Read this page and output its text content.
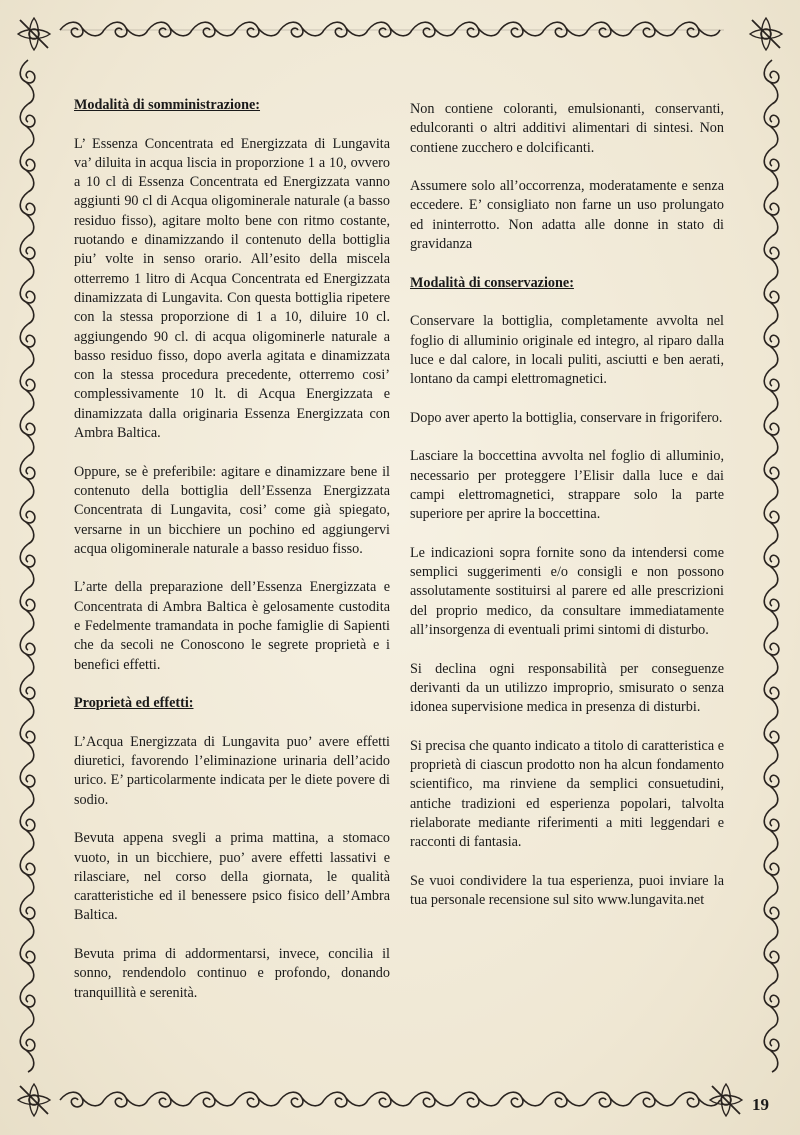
Modalità di somministrazione:

L’ Essenza Concentrata ed Energizzata di Lungavita va’ diluita in acqua liscia in proporzione 1 a 10, ovvero a 10 cl di Essenza Concentrata ed Energizzata vanno aggiunti 90 cl di Acqua oligominerale naturale (a basso residuo fisso), agitare molto bene con ritmo costante, ruotando e dinamizzando il contenuto della bottiglia piu’ volte in senso orario. All’esito della miscela otterremo 1 litro di Acqua Concentrata ed Energizzata dinamizzata di Lungavita. Con questa bottiglia ripetere con la stessa proporzione di 1 a 10, diluire 10 cl. aggiungendo 90 cl. di acqua oligominerle naturale a basso residuo fisso, dopo averla agitata e dinamizzata con la stessa procedura precedente, otterremo cosi’ complessivamente 10 lt. di Acqua Energizzata e dinamizzata dalla originaria Essenza Energizzata con Ambra Baltica.

Oppure, se è preferibile: agitare e dinamizzare bene il contenuto della bottiglia dell’Essenza Energizzata Concentrata di Lungavita, cosi’ come già spiegato, versarne in un bicchiere un pochino ed aggiungervi acqua oligominerale naturale a basso residuo fisso.

L’arte della preparazione dell’Essenza Energizzata e Concentrata di Ambra Baltica è gelosamente custodita e Fedelmente tramandata in poche famiglie di Sapienti che da secoli ne Conoscono le segrete proprietà e i benefici effetti.

Proprietà ed effetti:

L’Acqua Energizzata di Lungavita puo’ avere effetti diuretici, favorendo l’eliminazione urinaria dell’acido urico. E’ particolarmente indicata per le diete povere di sodio.

Bevuta appena svegli a prima mattina, a stomaco vuoto, in un bicchiere, puo’ avere effetti lassativi e rilasciare, nel corso della giornata, le qualità caratteristiche ed il benessere psico fisico dell’Ambra Baltica.

Bevuta prima di addormentarsi, invece, concilia il sonno, rendendolo continuo e profondo, donando tranquillità e serenità.

Non contiene coloranti, emulsionanti, conservanti, edulcoranti o altri additivi alimentari di sintesi. Non contiene zucchero e dolcificanti.

Assumere solo all’occorrenza, moderatamente e senza eccedere. E’ consigliato non farne un uso prolungato ed ininterrotto. Non adatta alle donne in stato di gravidanza

Modalità di conservazione:

Conservare la bottiglia, completamente avvolta nel foglio di alluminio originale ed integro, al riparo dalla luce e dal calore, in locali puliti, asciutti e ben aerati, lontano da campi elettromagnetici.

Dopo aver aperto la bottiglia, conservare in frigorifero.

Lasciare la boccettina avvolta nel foglio di alluminio, necessario per proteggere l’Elisir dalla luce e dai campi elettromagnetici, strappare solo la parte superiore per aprire la boccettina.

Le indicazioni sopra fornite sono da intendersi come semplici suggerimenti e/o consigli e non possono assolutamente sostituirsi al parere ed alle prescrizioni del proprio medico, da consultare immediatamente all’insorgenza di eventuali primi sintomi di disturbo.

Si declina ogni responsabilità per conseguenze derivanti da un utilizzo improprio, smisurato o senza idonea supervisione medica in presenza di disturbi.

Si precisa che quanto indicato a titolo di caratteristica e proprietà di ciascun prodotto non ha alcun fondamento scientifico, ma rinviene da semplici consuetudini, antiche tradizioni ed esperienza popolari, talvolta rielaborate mediante riferimenti a miti leggendari e racconti di fantasia.

Se vuoi condividere la tua esperienza, puoi inviare la tua personale recensione sul sito www.lungavita.net

19
